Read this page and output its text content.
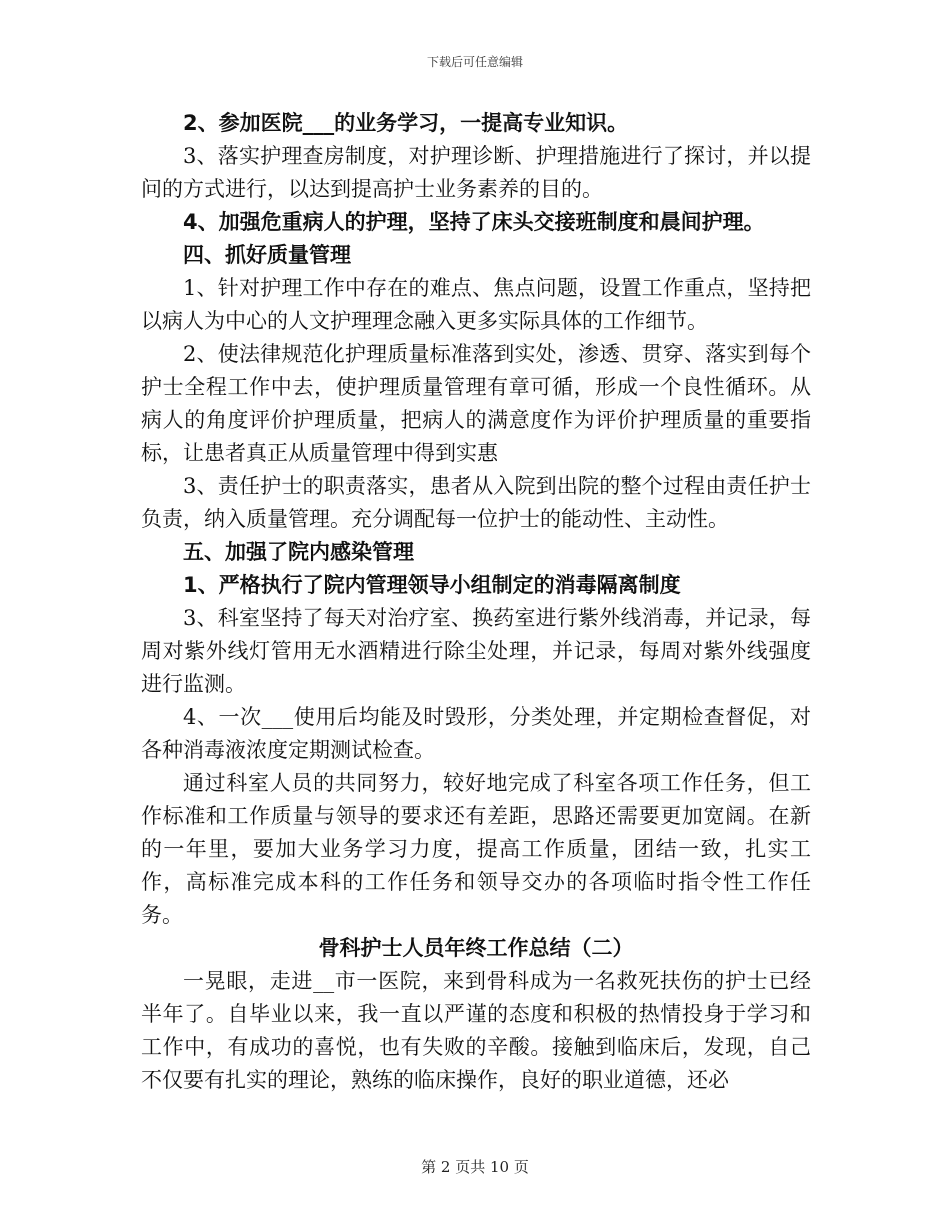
下载后可任意编辑

2、参加医院___的业务学习，一提高专业知识。

3、落实护理查房制度，对护理诊断、护理措施进行了探讨，并以提问的方式进行，以达到提高护士业务素养的目的。

4、加强危重病人的护理，坚持了床头交接班制度和晨间护理。

四、抓好质量管理

1、针对护理工作中存在的难点、焦点问题，设置工作重点，坚持把以病人为中心的人文护理理念融入更多实际具体的工作细节。

2、使法律规范化护理质量标准落到实处，渗透、贯穿、落实到每个护士全程工作中去，使护理质量管理有章可循，形成一个良性循环。从病人的角度评价护理质量，把病人的满意度作为评价护理质量的重要指标，让患者真正从质量管理中得到实惠

3、责任护士的职责落实，患者从入院到出院的整个过程由责任护士负责，纳入质量管理。充分调配每一位护士的能动性、主动性。

五、加强了院内感染管理

1、严格执行了院内管理领导小组制定的消毒隔离制度

3、科室坚持了每天对治疗室、换药室进行紫外线消毒，并记录，每周对紫外线灯管用无水酒精进行除尘处理，并记录，每周对紫外线强度进行监测。

4、一次___使用后均能及时毁形，分类处理，并定期检查督促，对各种消毒液浓度定期测试检查。

通过科室人员的共同努力，较好地完成了科室各项工作任务，但工作标准和工作质量与领导的要求还有差距，思路还需要更加宽阔。在新的一年里，要加大业务学习力度，提高工作质量，团结一致，扎实工作，高标准完成本科的工作任务和领导交办的各项临时指令性工作任务。

骨科护士人员年终工作总结（二）

一晃眼，走进__市一医院，来到骨科成为一名救死扶伤的护士已经半年了。自毕业以来，我一直以严谨的态度和积极的热情投身于学习和工作中，有成功的喜悦，也有失败的辛酸。接触到临床后，发现，自己不仅要有扎实的理论，熟练的临床操作，良好的职业道德，还必

第 2 页共 10 页
